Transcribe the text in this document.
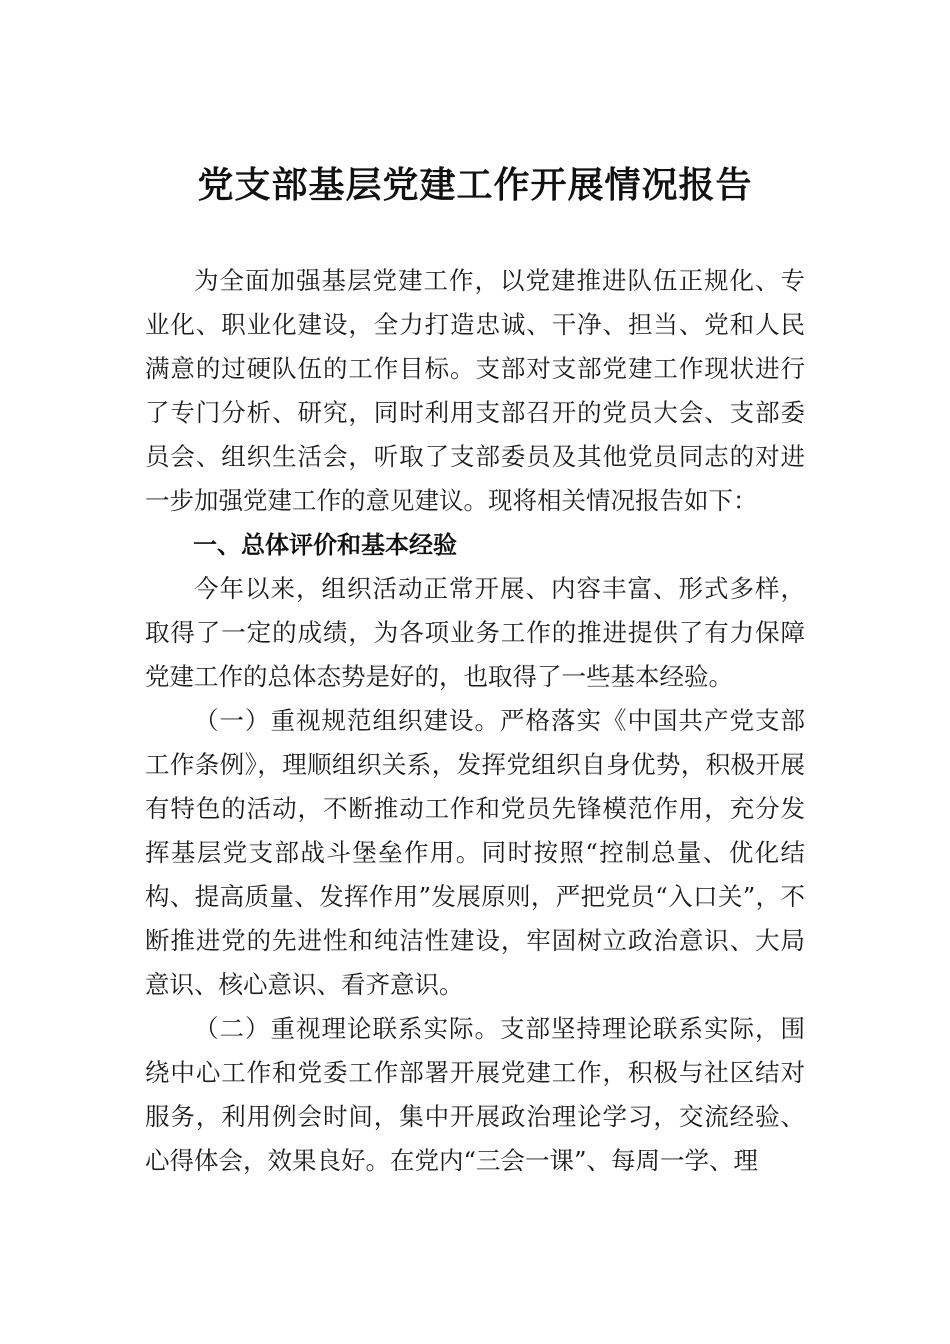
党支部基层党建工作开展情况报告

为全面加强基层党建工作，以党建推进队伍正规化、专业化、职业化建设，全力打造忠诚、干净、担当、党和人民满意的过硬队伍的工作目标。支部对支部党建工作现状进行了专门分析、研究，同时利用支部召开的党员大会、支部委员会、组织生活会，听取了支部委员及其他党员同志的对进一步加强党建工作的意见建议。现将相关情况报告如下：

一、总体评价和基本经验

今年以来，组织活动正常开展、内容丰富、形式多样，取得了一定的成绩，为各项业务工作的推进提供了有力保障党建工作的总体态势是好的，也取得了一些基本经验。

（一）重视规范组织建设。严格落实《中国共产党支部工作条例》，理顺组织关系，发挥党组织自身优势，积极开展有特色的活动，不断推动工作和党员先锋模范作用，充分发挥基层党支部战斗堡垒作用。同时按照“控制总量、优化结构、提高质量、发挥作用”发展原则，严把党员“入口关”，不断推进党的先进性和纯洁性建设，牢固树立政治意识、大局意识、核心意识、看齐意识。

（二）重视理论联系实际。支部坚持理论联系实际，围绕中心工作和党委工作部署开展党建工作，积极与社区结对服务，利用例会时间，集中开展政治理论学习，交流经验、心得体会，效果良好。在党内“三会一课”、每周一学、理
